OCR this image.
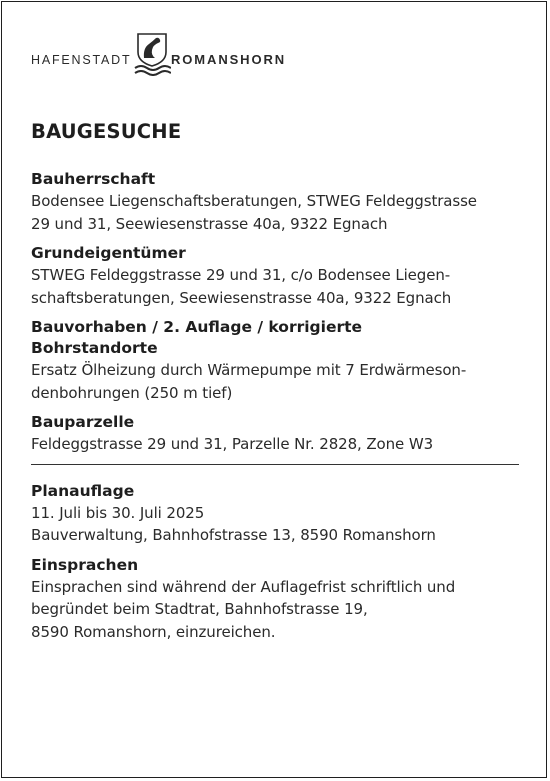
HAFENSTADT	ROMANSHORN
BAUGESUCHE
Bauherrschaft
Bodensee Liegenschaftsberatungen, STWEG Feldeggstrasse
29 und 31, Seewiesenstrasse 40a, 9322 Egnach
Grundeigentümer
STWEG Feldeggstrasse 29 und 31, c/o Bodensee Liegen-
schaftsberatungen, Seewiesenstrasse 40a, 9322 Egnach
Bauvorhaben / 2. Auflage / korrigierte
Bohrstandorte
Ersatz Ölheizung durch Wärmepumpe mit 7 Erdwärmeson-
denbohrungen (250 m tief)
Bauparzelle
Feldeggstrasse 29 und 31, Parzelle Nr. 2828, Zone W3
Planauflage
11. Juli bis 30. Juli 2025
Bauverwaltung, Bahnhofstrasse 13, 8590 Romanshorn
Einsprachen
Einsprachen sind während der Auflagefrist schriftlich und
begründet beim Stadtrat, Bahnhofstrasse 19,
8590 Romanshorn, einzureichen.
